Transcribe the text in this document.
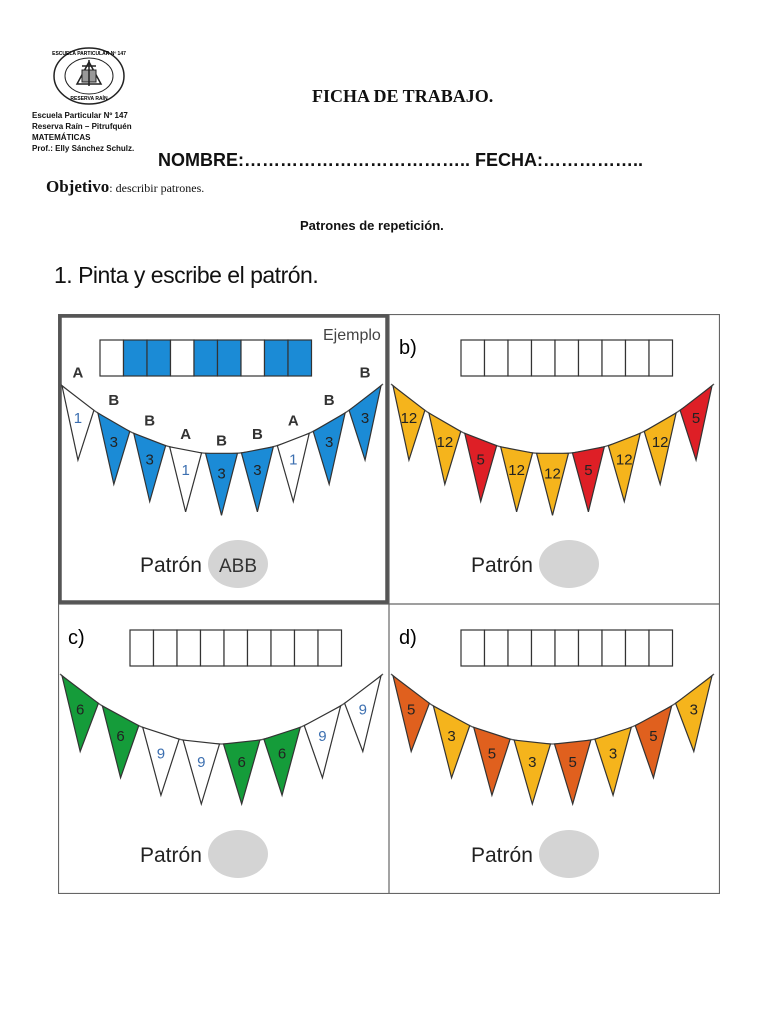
ESCUELA PARTICULAR Nº 147
RESERVA RAÍN
Escuela Particular Nº 147
Reserva Raín – Pitrufquén
MATEMÁTICAS
Prof.: Elly Sánchez Schulz.
FICHA DE TRABAJO.
NOMBRE:……………………………….. FECHA:……………..
Objetivo: describir patrones.
Patrones de repetición.
1. Pinta y escribe el patrón.
Ejemplo
1
A
3
B
3
B
1
A
3
B
3
B
1
A
3
B
3
B
Patrón ABB
b)
12
12
5
12 12 5
12
12
5
Patrón
c)
6
6
9
9 6
6
9
9
Patrón
d)
5
3
5
3 5
3
5
3
Patrón
